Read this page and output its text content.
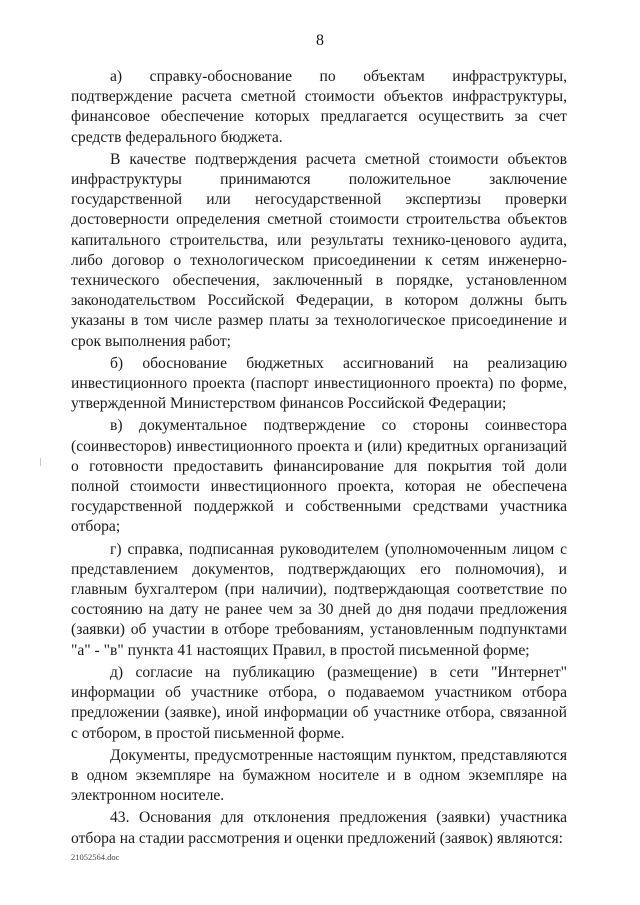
8

а) справку-обоснование по объектам инфраструктуры, подтверждение расчета сметной стоимости объектов инфраструктуры, финансовое обеспечение которых предлагается осуществить за счет средств федерального бюджета.

В качестве подтверждения расчета сметной стоимости объектов инфраструктуры принимаются положительное заключение государственной или негосударственной экспертизы проверки достоверности определения сметной стоимости строительства объектов капитального строительства, или результаты технико-ценового аудита, либо договор о технологическом присоединении к сетям инженерно-технического обеспечения, заключенный в порядке, установленном законодательством Российской Федерации, в котором должны быть указаны в том числе размер платы за технологическое присоединение и срок выполнения работ;

б) обоснование бюджетных ассигнований на реализацию инвестиционного проекта (паспорт инвестиционного проекта) по форме, утвержденной Министерством финансов Российской Федерации;

в) документальное подтверждение со стороны соинвестора (соинвесторов) инвестиционного проекта и (или) кредитных организаций о готовности предоставить финансирование для покрытия той доли полной стоимости инвестиционного проекта, которая не обеспечена государственной поддержкой и собственными средствами участника отбора;

г) справка, подписанная руководителем (уполномоченным лицом с представлением документов, подтверждающих его полномочия), и главным бухгалтером (при наличии), подтверждающая соответствие по состоянию на дату не ранее чем за 30 дней до дня подачи предложения (заявки) об участии в отборе требованиям, установленным подпунктами "а" - "в" пункта 41 настоящих Правил, в простой письменной форме;

д) согласие на публикацию (размещение) в сети "Интернет" информации об участнике отбора, о подаваемом участником отбора предложении (заявке), иной информации об участнике отбора, связанной с отбором, в простой письменной форме.

Документы, предусмотренные настоящим пунктом, представляются в одном экземпляре на бумажном носителе и в одном экземпляре на электронном носителе.

43. Основания для отклонения предложения (заявки) участника отбора на стадии рассмотрения и оценки предложений (заявок) являются:

21052564.doc
